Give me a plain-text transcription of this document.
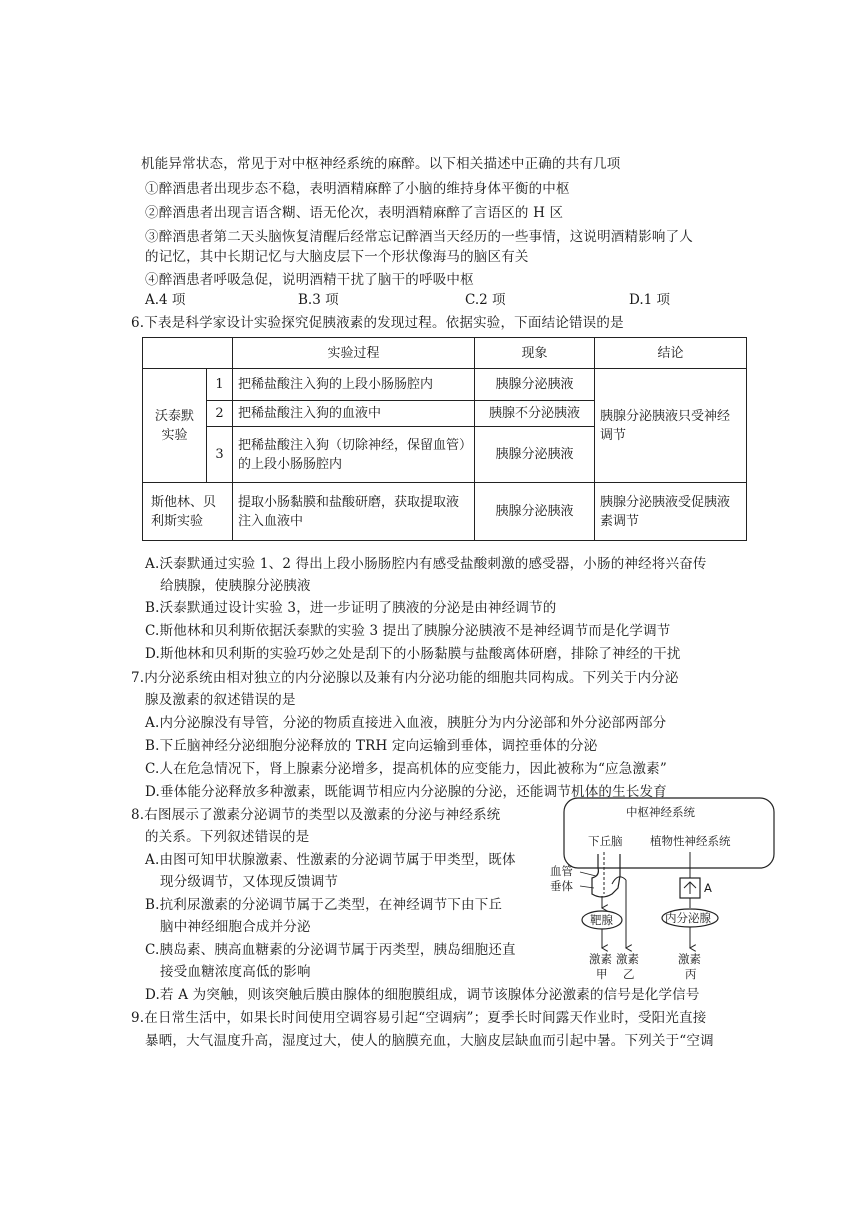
机能异常状态，常见于对中枢神经系统的麻醉。以下相关描述中正确的共有几项
①醉酒患者出现步态不稳，表明酒精麻醉了小脑的维持身体平衡的中枢
②醉酒患者出现言语含糊、语无伦次，表明酒精麻醉了言语区的 H 区
③醉酒患者第二天头脑恢复清醒后经常忘记醉酒当天经历的一些事情，这说明酒精影响了人
的记忆，其中长期记忆与大脑皮层下一个形状像海马的脑区有关
④醉酒患者呼吸急促，说明酒精干扰了脑干的呼吸中枢
A.4 项	B.3 项	C.2 项	D.1 项
6.下表是科学家设计实验探究促胰液素的发现过程。依据实验，下面结论错误的是
		实验过程	现象	结论
沃泰默实验	1	把稀盐酸注入狗的上段小肠肠腔内	胰腺分泌胰液	胰腺分泌胰液只受神经调节
	2	把稀盐酸注入狗的血液中	胰腺不分泌胰液	
	3	把稀盐酸注入狗（切除神经，保留血管）的上段小肠肠腔内	胰腺分泌胰液	
斯他林、贝利斯实验		提取小肠黏膜和盐酸研磨，获取提取液注入血液中	胰腺分泌胰液	胰腺分泌胰液受促胰液素调节
A.沃泰默通过实验 1、2 得出上段小肠肠腔内有感受盐酸刺激的感受器，小肠的神经将兴奋传
给胰腺，使胰腺分泌胰液
B.沃泰默通过设计实验 3，进一步证明了胰液的分泌是由神经调节的
C.斯他林和贝利斯依据沃泰默的实验 3 提出了胰腺分泌胰液不是神经调节而是化学调节
D.斯他林和贝利斯的实验巧妙之处是刮下的小肠黏膜与盐酸离体研磨，排除了神经的干扰
7.内分泌系统由相对独立的内分泌腺以及兼有内分泌功能的细胞共同构成。下列关于内分泌
腺及激素的叙述错误的是
A.内分泌腺没有导管，分泌的物质直接进入血液，胰脏分为内分泌部和外分泌部两部分
B.下丘脑神经分泌细胞分泌释放的 TRH 定向运输到垂体，调控垂体的分泌
C.人在危急情况下，肾上腺素分泌增多，提高机体的应变能力，因此被称为“应急激素”
D.垂体能分泌释放多种激素，既能调节相应内分泌腺的分泌，还能调节机体的生长发育
8.右图展示了激素分泌调节的类型以及激素的分泌与神经系统
的关系。下列叙述错误的是
A.由图可知甲状腺激素、性激素的分泌调节属于甲类型，既体
现分级调节，又体现反馈调节
B.抗利尿激素的分泌调节属于乙类型，在神经调节下由下丘
脑中神经细胞合成并分泌
C.胰岛素、胰高血糖素的分泌调节属于丙类型，胰岛细胞还直
接受血糖浓度高低的影响
D.若 A 为突触，则该突触后膜由腺体的细胞膜组成，调节该腺体分泌激素的信号是化学信号
中枢神经系统
下丘脑 植物性神经系统
血管
垂体	A
靶腺	内分泌腺
激素
甲
激素
乙
激素
丙
9.在日常生活中，如果长时间使用空调容易引起“空调病”；夏季长时间露天作业时，受阳光直接
暴晒，大气温度升高，湿度过大，使人的脑膜充血，大脑皮层缺血而引起中暑。下列关于“空调
